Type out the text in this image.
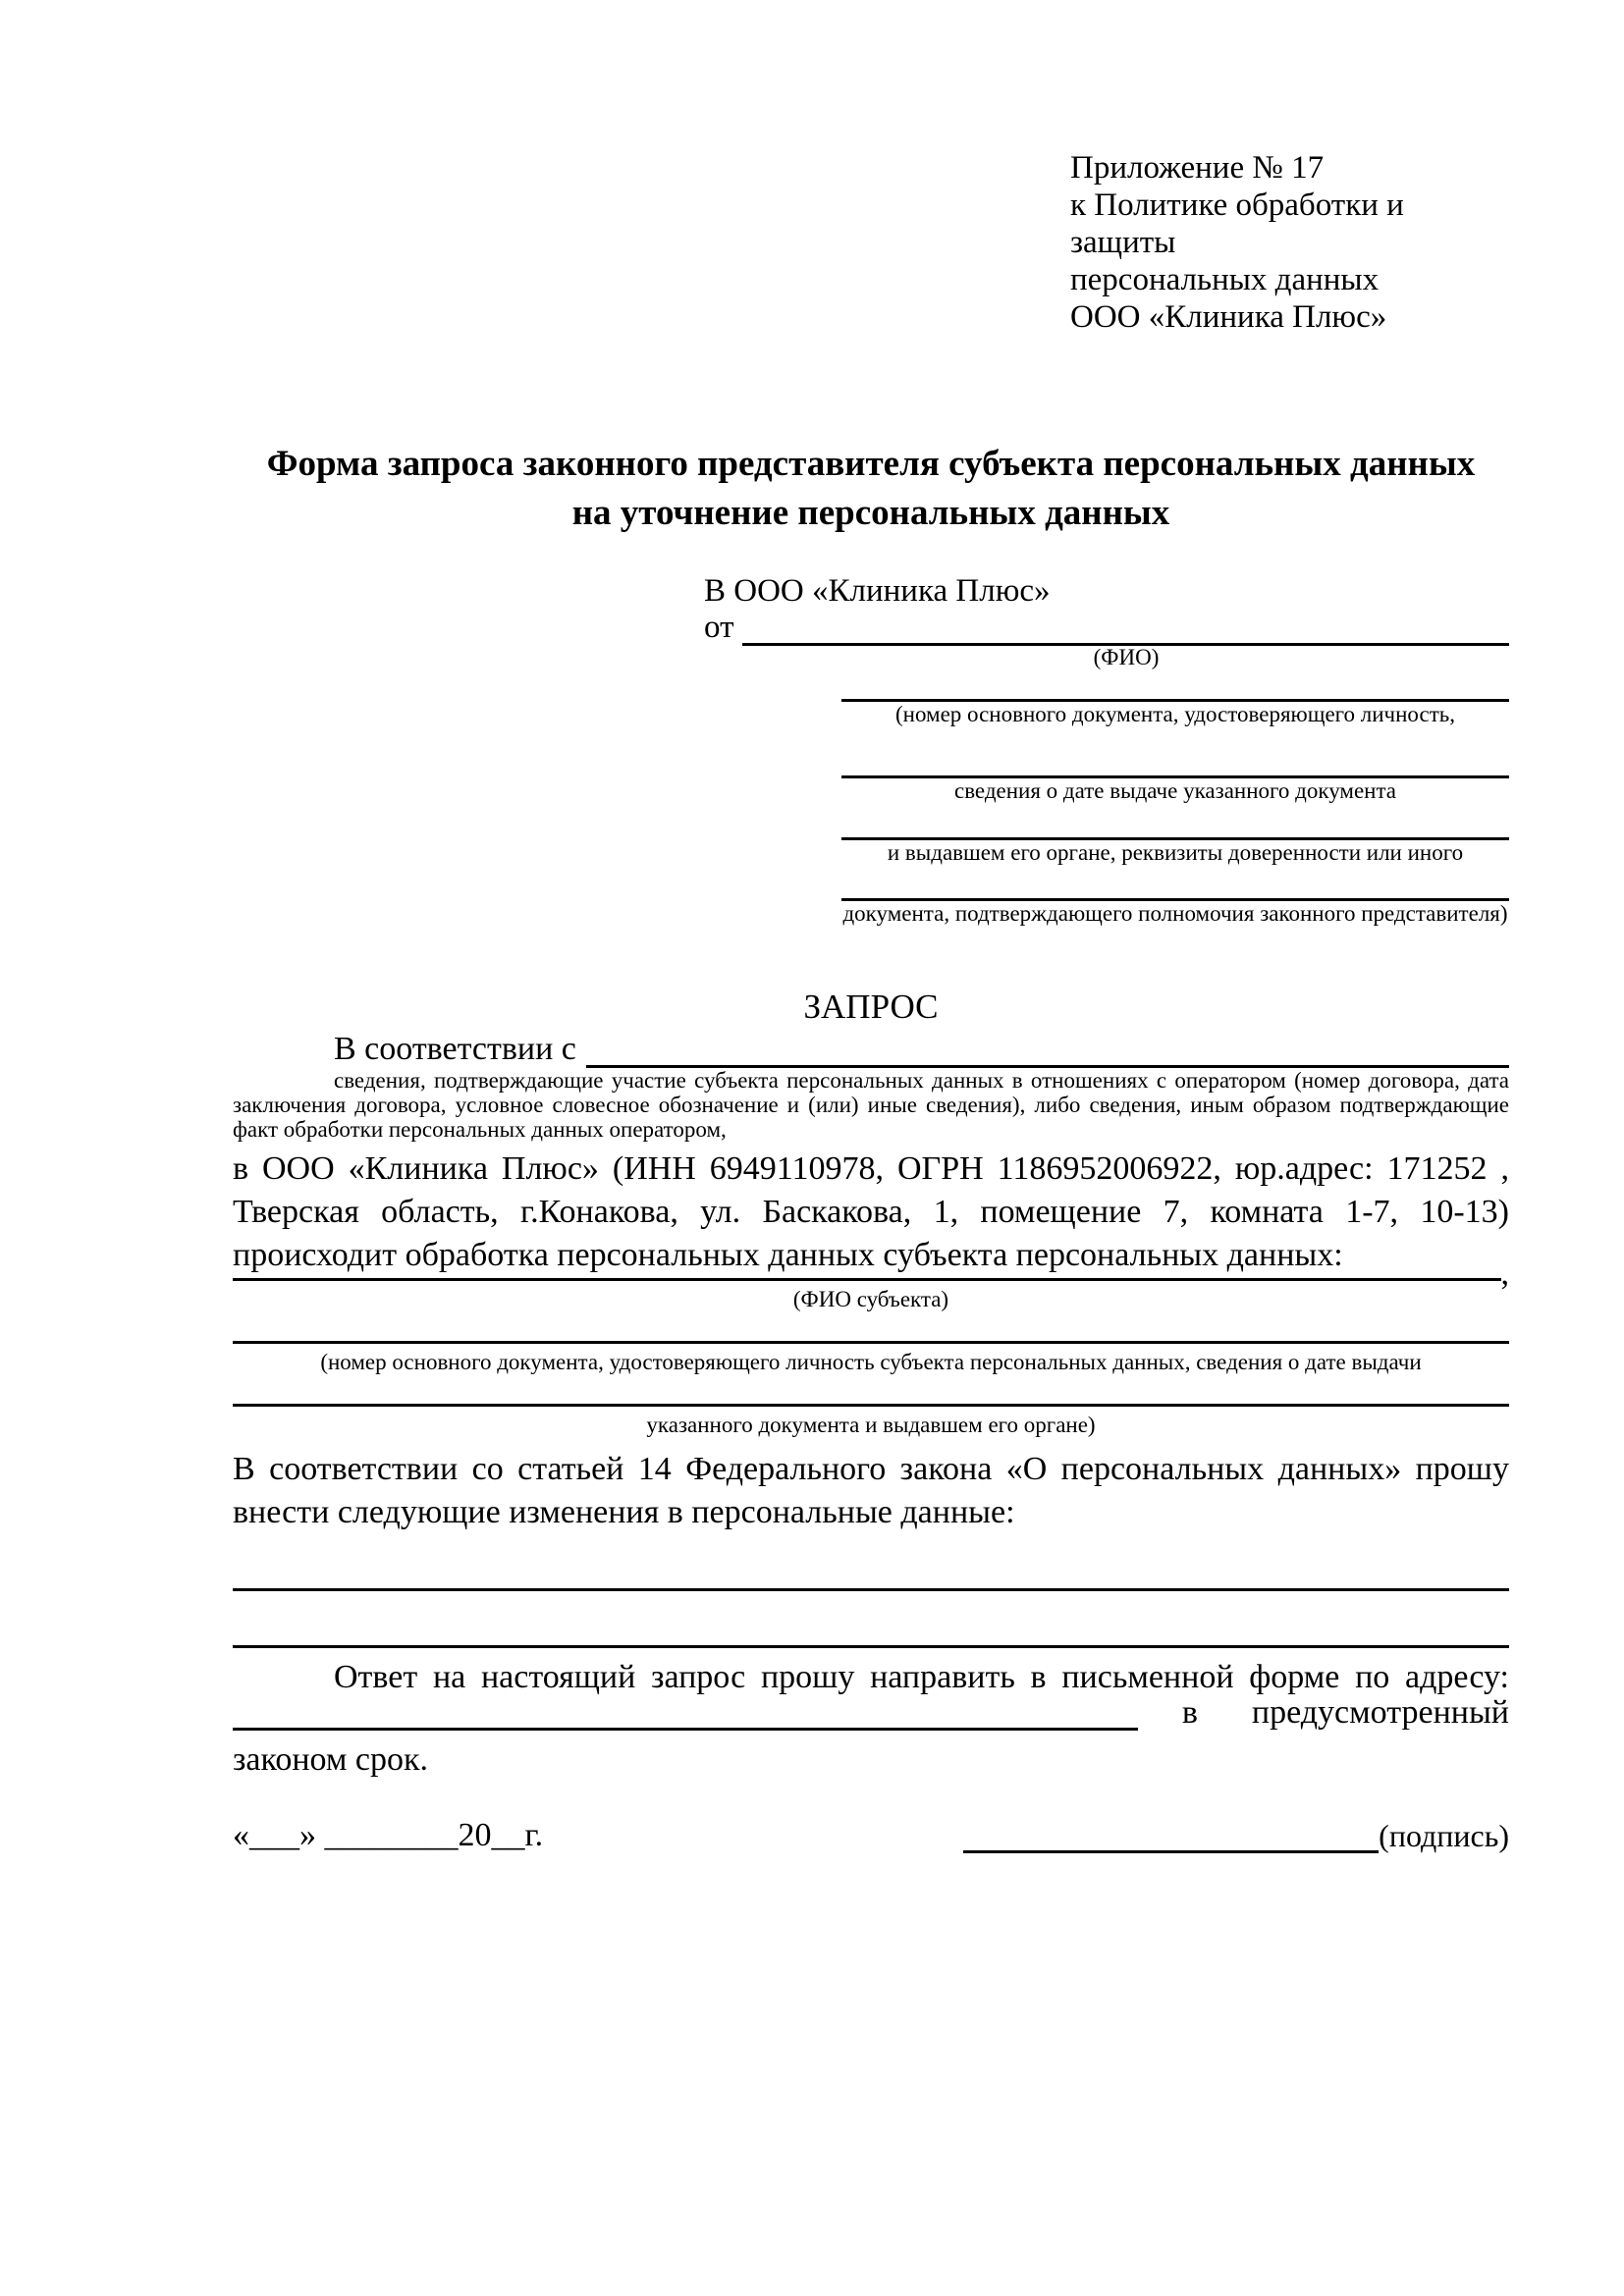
Приложение № 17
к Политике обработки и защиты
персональных данных
ООО «Клиника Плюс»
Форма запроса законного представителя субъекта персональных данных
на уточнение персональных данных
В ООО «Клиника Плюс»
от
(ФИО)
(номер основного документа, удостоверяющего личность,
сведения о дате выдаче указанного документа
и выдавшем его органе, реквизиты доверенности или иного
документа, подтверждающего полномочия законного представителя)
ЗАПРОС
В соответствии с
сведения, подтверждающие участие субъекта персональных данных в отношениях с оператором (номер договора, дата заключения договора, условное словесное обозначение и (или) иные сведения), либо сведения, иным образом подтверждающие факт обработки персональных данных оператором,
в ООО «Клиника Плюс» (ИНН 6949110978, ОГРН 1186952006922, юр.адрес: 171252 , Тверская область, г.Конакова, ул. Баскакова, 1, помещение 7, комната 1-7, 10-13) происходит обработка персональных данных субъекта персональных данных:
,
(ФИО субъекта)
(номер основного документа, удостоверяющего личность субъекта персональных данных, сведения о дате выдачи
указанного документа и выдавшем его органе)
В соответствии со статьей 14 Федерального закона «О персональных данных» прошу внести следующие изменения в персональные данные:
Ответ на настоящий запрос прошу направить в письменной форме по адресу:
в предусмотренный
законом срок.
«___» ________20__г.	(подпись)
